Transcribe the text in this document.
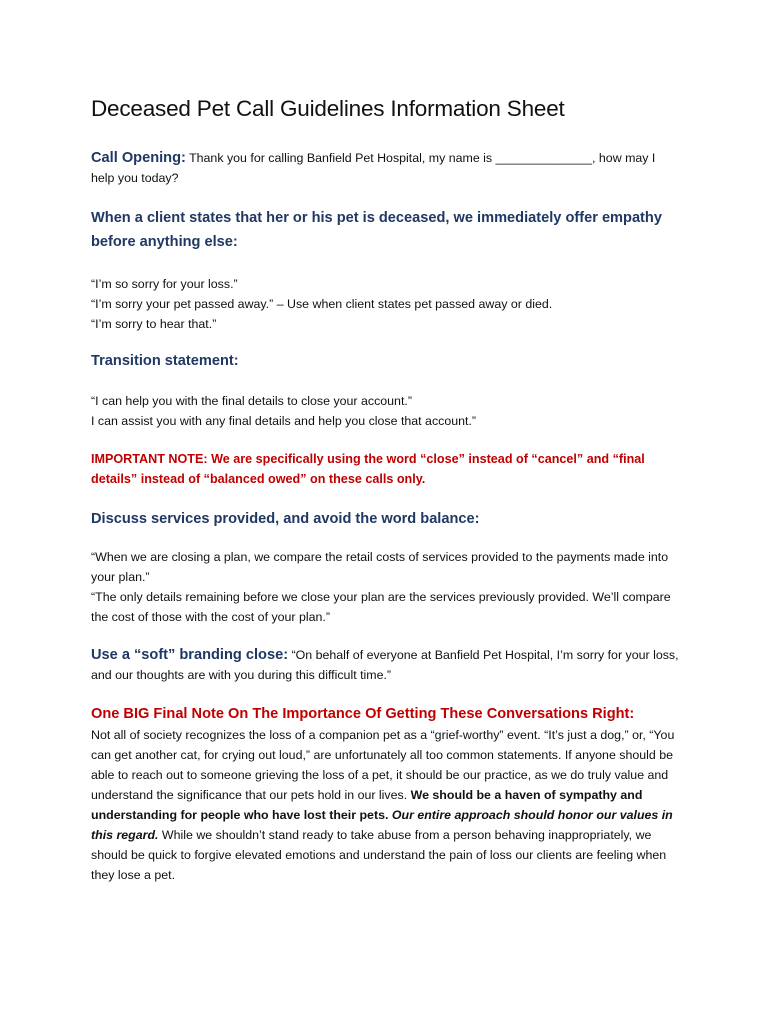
Deceased Pet Call Guidelines Information Sheet
Call Opening: Thank you for calling Banfield Pet Hospital, my name is ______________, how may I help you today?
When a client states that her or his pet is deceased, we immediately offer empathy before anything else:
“I’m so sorry for your loss.”
“I’m sorry your pet passed away.” – Use when client states pet passed away or died.
“I’m sorry to hear that.”
Transition statement:
“I can help you with the final details to close your account.”
I can assist you with any final details and help you close that account.”
IMPORTANT NOTE: We are specifically using the word “close” instead of “cancel” and “final details” instead of “balanced owed” on these calls only.
Discuss services provided, and avoid the word balance:
“When we are closing a plan, we compare the retail costs of services provided to the payments made into your plan.”
“The only details remaining before we close your plan are the services previously provided. We’ll compare the cost of those with the cost of your plan.”
Use a “soft” branding close: “On behalf of everyone at Banfield Pet Hospital, I’m sorry for your loss, and our thoughts are with you during this difficult time.”
One BIG Final Note On The Importance Of Getting These Conversations Right:
Not all of society recognizes the loss of a companion pet as a “grief-worthy” event. “It’s just a dog,” or, “You can get another cat, for crying out loud,” are unfortunately all too common statements. If anyone should be able to reach out to someone grieving the loss of a pet, it should be our practice, as we do truly value and understand the significance that our pets hold in our lives. We should be a haven of sympathy and understanding for people who have lost their pets. Our entire approach should honor our values in this regard. While we shouldn’t stand ready to take abuse from a person behaving inappropriately, we should be quick to forgive elevated emotions and understand the pain of loss our clients are feeling when they lose a pet.
